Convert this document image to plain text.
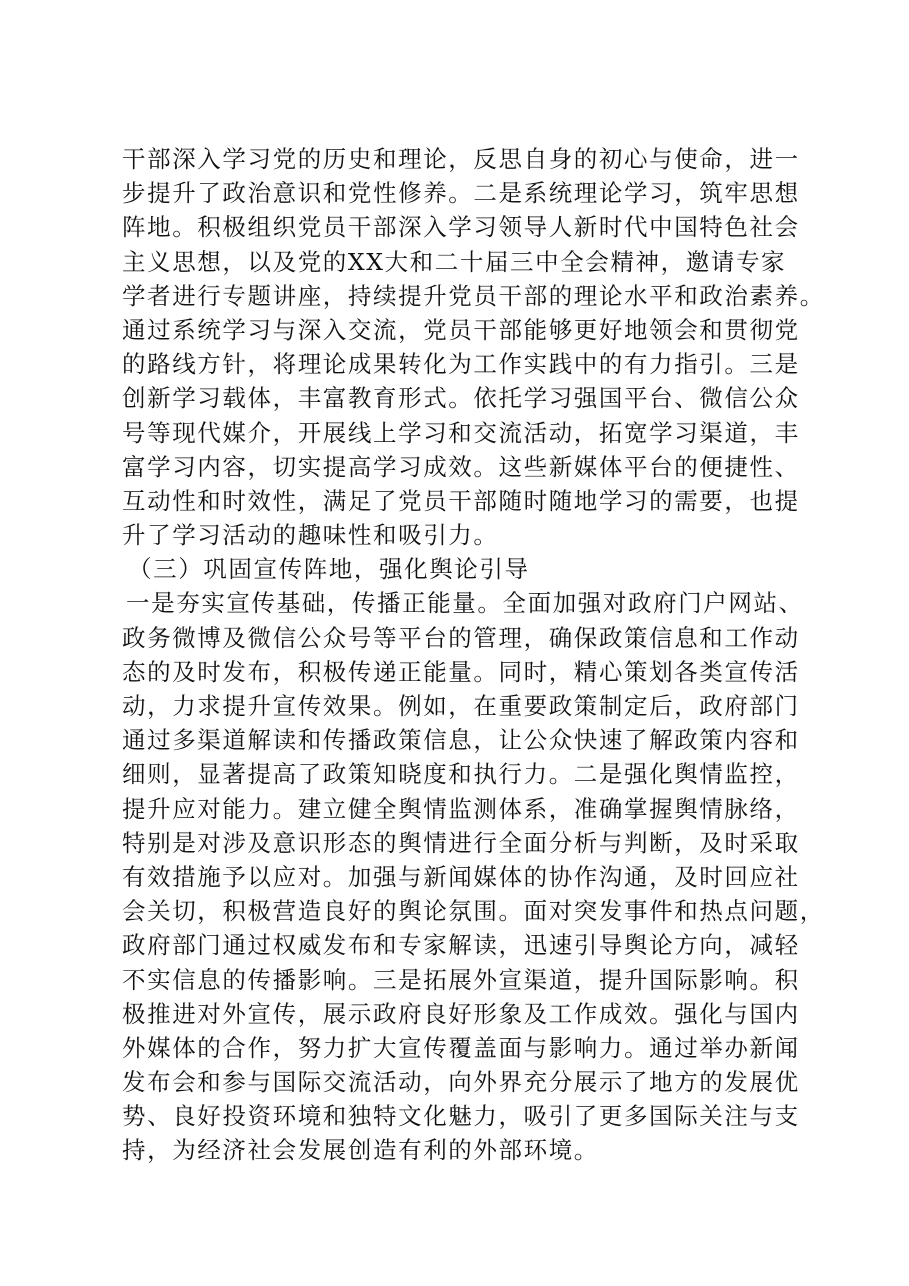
干部深入学习党的历史和理论，反思自身的初心与使命，进一
步提升了政治意识和党性修养。二是系统理论学习，筑牢思想
阵地。积极组织党员干部深入学习领导人新时代中国特色社会
主义思想，以及党的XX大和二十届三中全会精神，邀请专家
学者进行专题讲座，持续提升党员干部的理论水平和政治素养。
通过系统学习与深入交流，党员干部能够更好地领会和贯彻党
的路线方针，将理论成果转化为工作实践中的有力指引。三是
创新学习载体，丰富教育形式。依托学习强国平台、微信公众
号等现代媒介，开展线上学习和交流活动，拓宽学习渠道，丰
富学习内容，切实提高学习成效。这些新媒体平台的便捷性、
互动性和时效性，满足了党员干部随时随地学习的需要，也提
升了学习活动的趣味性和吸引力。
（三）巩固宣传阵地，强化舆论引导
一是夯实宣传基础，传播正能量。全面加强对政府门户网站、
政务微博及微信公众号等平台的管理，确保政策信息和工作动
态的及时发布，积极传递正能量。同时，精心策划各类宣传活
动，力求提升宣传效果。例如，在重要政策制定后，政府部门
通过多渠道解读和传播政策信息，让公众快速了解政策内容和
细则，显著提高了政策知晓度和执行力。二是强化舆情监控，
提升应对能力。建立健全舆情监测体系，准确掌握舆情脉络，
特别是对涉及意识形态的舆情进行全面分析与判断，及时采取
有效措施予以应对。加强与新闻媒体的协作沟通，及时回应社
会关切，积极营造良好的舆论氛围。面对突发事件和热点问题，
政府部门通过权威发布和专家解读，迅速引导舆论方向，减轻
不实信息的传播影响。三是拓展外宣渠道，提升国际影响。积
极推进对外宣传，展示政府良好形象及工作成效。强化与国内
外媒体的合作，努力扩大宣传覆盖面与影响力。通过举办新闻
发布会和参与国际交流活动，向外界充分展示了地方的发展优
势、良好投资环境和独特文化魅力，吸引了更多国际关注与支
持，为经济社会发展创造有利的外部环境。
